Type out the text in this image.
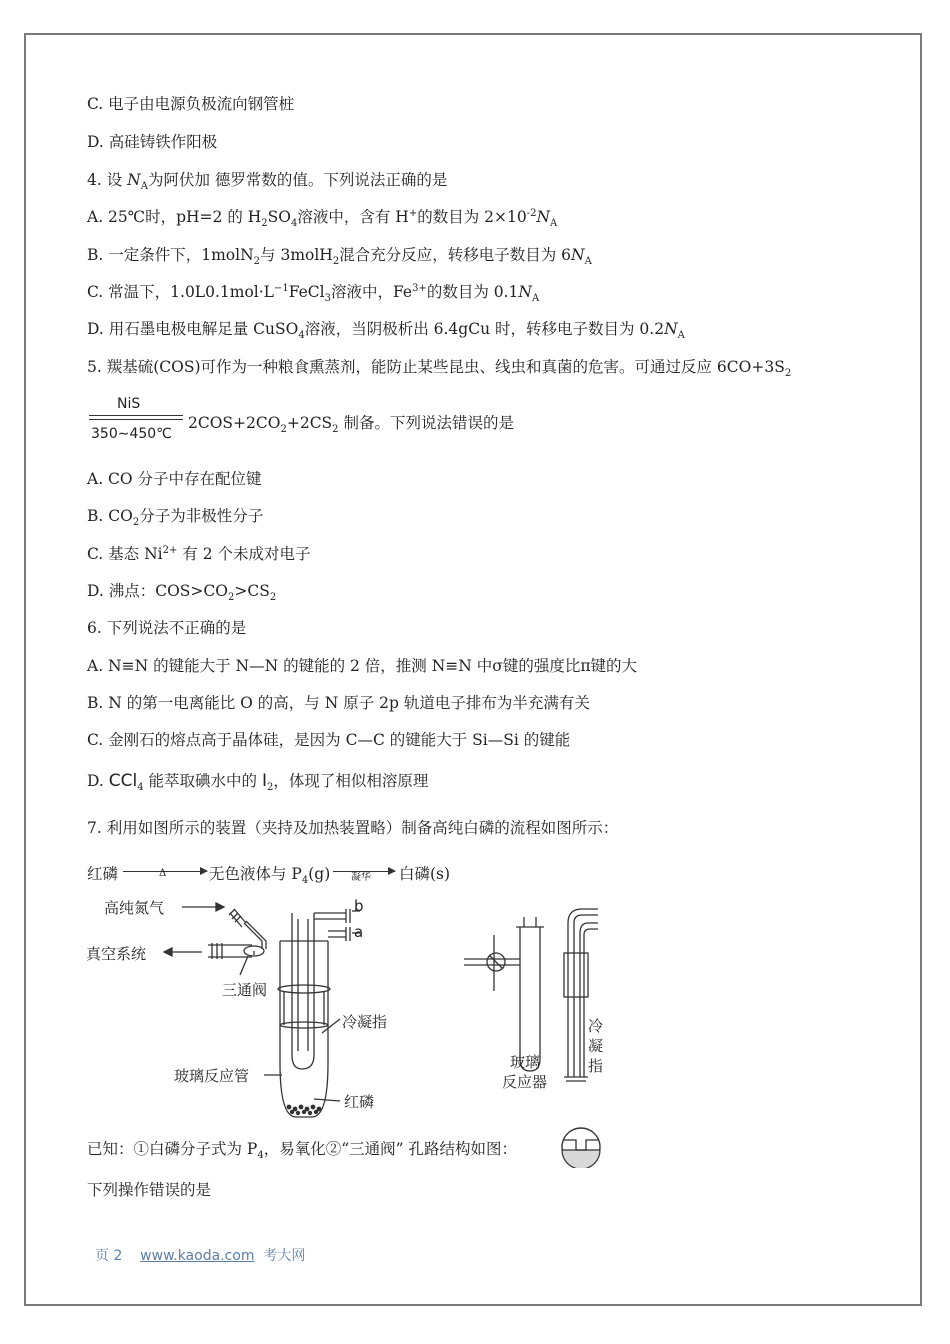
C. 电子由电源负极流向钢管桩
D. 高硅铸铁作阳极
4. 设 $N_A$为阿伏加 德罗常数的值。下列说法正确的是
A. 25℃时，pH=2 的 $H_2SO_4$溶液中，含有 H+的数目为 $2\times 10^{-2}N_A$
B. 一定条件下，1molN$_2$与 3molH$_2$混合充分反应，转移电子数目为 $6N_A$
C. 常温下，$1.0L0.1mol\cdot L^{-1}FeCl_3$溶液中，$Fe^{3+}$的数目为 $0.1N_A$
D. 用石墨电极电解足量 CuSO$_4$溶液，当阴极析出 6.4gCu 时，转移电子数目为 $0.2N_A$
5. 羰基硫(COS)可作为一种粮食熏蒸剂，能防止某些昆虫、线虫和真菌的危害。可通过反应 $6CO+3S_2$
NiS
350∼450℃
$2COS+2CO_2+2CS_2$ 制备。下列说法错误的是
A. CO 分子中存在配位键
B. $CO_2$分子为非极性分子
C. 基态 $Ni^{2+}$ 有 2 个未成对电子
D. 沸点：$COS>CO_2>CS_2$
6. 下列说法不正确的是
A. N≡N 的键能大于 N—N 的键能的 2 倍，推测 N≡N 中σ键的强度比π键的大
B. N 的第一电离能比 O 的高，与 N 原子 2p 轨道电子排布为半充满有关
C. 金刚石的熔点高于晶体硅，是因为 C—C 的键能大于 Si—Si 的键能
D. CCl$_4$ 能萃取碘水中的 $I_2$，体现了相似相溶原理
7. 利用如图所示的装置（夹持及加热装置略）制备高纯白磷的流程如图所示：
红磷	Δ	无色液体与 $P_4(g)$ 凝华 白磷(s)
高纯氮气
真空系统
三通阀
冷凝指
玻璃反应管
红磷
b
a
玻璃
反应器
冷
凝
指
已知：①白磷分子式为 $P_4$，易氧化②“三通阀” 孔路结构如图：
下列操作错误的是
页 2 www.kaoda.com 考大网
